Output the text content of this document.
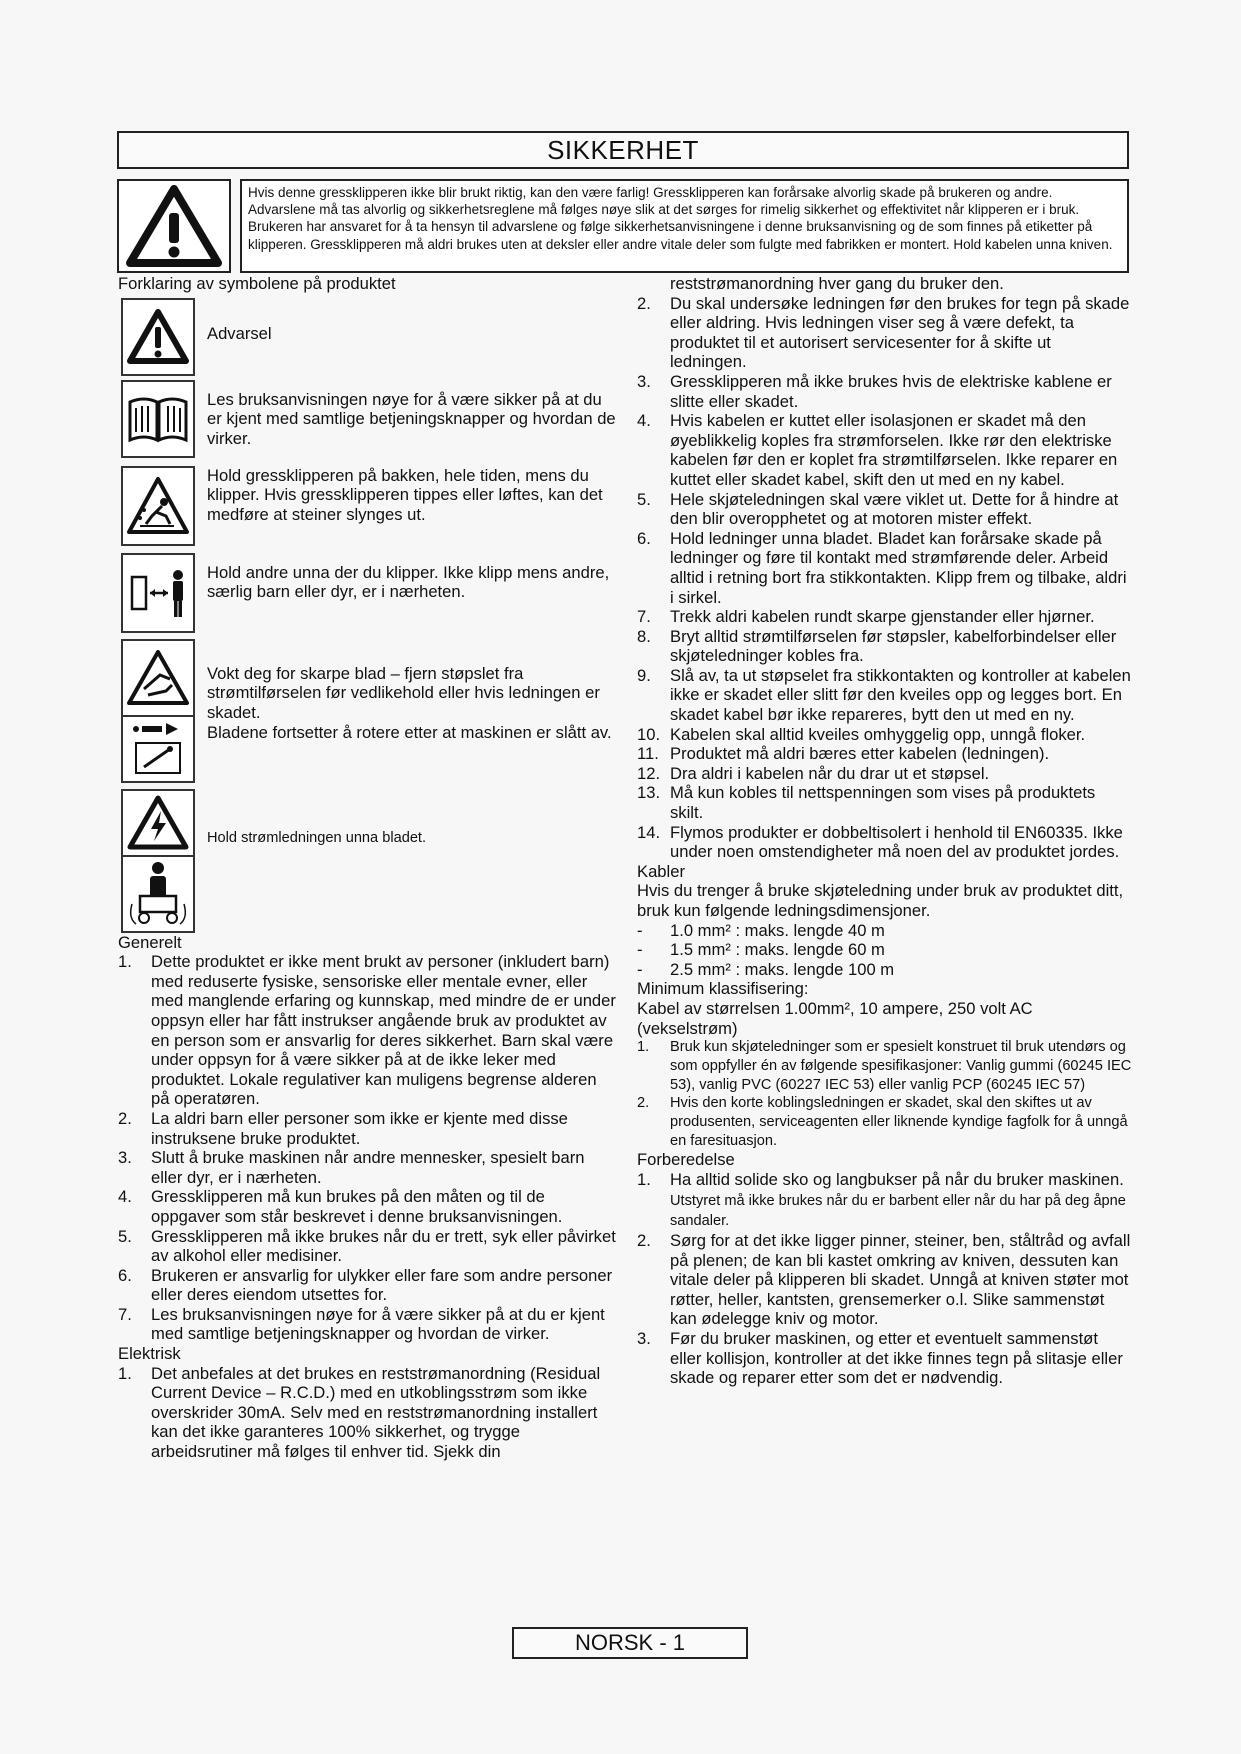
SIKKERHET
Hvis denne gressklipperen ikke blir brukt riktig, kan den være farlig! Gressklipperen kan forårsake alvorlig skade på brukeren og andre. Advarslene må tas alvorlig og sikkerhetsreglene må følges nøye slik at det sørges for rimelig sikkerhet og effektivitet når klipperen er i bruk. Brukeren har ansvaret for å ta hensyn til advarslene og følge sikkerhetsanvisningene i denne bruksanvisning og de som finnes på etiketter på klipperen. Gressklipperen må aldri brukes uten at deksler eller andre vitale deler som fulgte med fabrikken er montert. Hold kabelen unna kniven.

Forklaring av symbolene på produktet

Advarsel
Les bruksanvisningen nøye for å være sikker på at du er kjent med samtlige betjeningsknapper og hvordan de virker.
Hold gressklipperen på bakken, hele tiden, mens du klipper. Hvis gressklipperen tippes eller løftes, kan det medføre at steiner slynges ut.
Hold andre unna der du klipper. Ikke klipp mens andre, særlig barn eller dyr, er i nærheten.
Vokt deg for skarpe blad – fjern støpslet fra strømtilførselen før vedlikehold eller hvis ledningen er skadet.
Bladene fortsetter å rotere etter at maskinen er slått av.
Hold strømledningen unna bladet.

Generelt

1.	Dette produktet er ikke ment brukt av personer (inkludert barn) med reduserte fysiske, sensoriske eller mentale evner, eller med manglende erfaring og kunnskap, med mindre de er under oppsyn eller har fått instrukser angående bruk av produktet av en person som er ansvarlig for deres sikkerhet. Barn skal være under oppsyn for å være sikker på at de ikke leker med produktet. Lokale regulativer kan muligens begrense alderen på operatøren.
2. La aldri barn eller personer som ikke er kjente med disse instruksene bruke produktet.
3. Slutt å bruke maskinen når andre mennesker, spesielt barn eller dyr, er i nærheten.
4. Gressklipperen må kun brukes på den måten og til de oppgaver som står beskrevet i denne bruksanvisningen.
5. Gressklipperen må ikke brukes når du er trett, syk eller påvirket av alkohol eller medisiner.
6. Brukeren er ansvarlig for ulykker eller fare som andre personer eller deres eiendom utsettes for.
7. Les bruksanvisningen nøye for å være sikker på at du er kjent med samtlige betjeningsknapper og hvordan de virker.

Elektrisk

1. Det anbefales at det brukes en reststrømanordning (Residual Current Device – R.C.D.) med en utkoblingsstrøm som ikke overskrider 30mA. Selv med en reststrømanordning installert kan det ikke garanteres 100% sikkerhet, og trygge arbeidsrutiner må følges til enhver tid. Sjekk din

reststrømanordning hver gang du bruker den.

2. Du skal undersøke ledningen før den brukes for tegn på skade eller aldring. Hvis ledningen viser seg å være defekt, ta produktet til et autorisert servicesenter for å skifte ut ledningen.
3. Gressklipperen må ikke brukes hvis de elektriske kablene er slitte eller skadet.
4. Hvis kabelen er kuttet eller isolasjonen er skadet må den øyeblikkelig koples fra strømforselen. Ikke rør den elektriske kabelen før den er koplet fra strømtilførselen. Ikke reparer en kuttet eller skadet kabel, skift den ut med en ny kabel.
5. Hele skjøteledningen skal være viklet ut. Dette for å hindre at den blir overopphetet og at motoren mister effekt.
6. Hold ledninger unna bladet. Bladet kan forårsake skade på ledninger og føre til kontakt med strømførende deler. Arbeid alltid i retning bort fra stikkontakten. Klipp frem og tilbake, aldri i sirkel.
7. Trekk aldri kabelen rundt skarpe gjenstander eller hjørner.
8. Bryt alltid strømtilførselen før støpsler, kabelforbindelser eller skjøteledninger kobles fra.
9. Slå av, ta ut støpselet fra stikkontakten og kontroller at kabelen ikke er skadet eller slitt før den kveiles opp og legges bort. En skadet kabel bør ikke repareres, bytt den ut med en ny.
10. Kabelen skal alltid kveiles omhyggelig opp, unngå floker.
11. Produktet må aldri bæres etter kabelen (ledningen).
12. Dra aldri i kabelen når du drar ut et støpsel.
13. Må kun kobles til nettspenningen som vises på produktets skilt.
14. Flymos produkter er dobbeltisolert i henhold til EN60335. Ikke under noen omstendigheter må noen del av produktet jordes.

Kabler

Hvis du trenger å bruke skjøteledning under bruk av produktet ditt, bruk kun følgende ledningsdimensjoner.

- 1.0 mm² : maks. lengde 40 m
- 1.5 mm² : maks. lengde 60 m
- 2.5 mm² : maks. lengde 100 m

Minimum klassifisering:

Kabel av størrelsen 1.00mm², 10 ampere, 250 volt AC (vekselstrøm)

1. Bruk kun skjøteledninger som er spesielt konstruet til bruk utendørs og som oppfyller én av følgende spesifikasjoner: Vanlig gummi (60245 IEC 53), vanlig PVC (60227 IEC 53) eller vanlig PCP (60245 IEC 57)
2. Hvis den korte koblingsledningen er skadet, skal den skiftes ut av produsenten, serviceagenten eller liknende kyndige fagfolk for å unngå en faresituasjon.

Forberedelse

1. Ha alltid solide sko og langbukser på når du bruker maskinen. Utstyret må ikke brukes når du er barbent eller når du har på deg åpne sandaler.
2. Sørg for at det ikke ligger pinner, steiner, ben, ståltråd og avfall på plenen; de kan bli kastet omkring av kniven, dessuten kan vitale deler på klipperen bli skadet. Unngå at kniven støter mot røtter, heller, kantsten, grensemerker o.l. Slike sammenstøt kan ødelegge kniv og motor.
3. Før du bruker maskinen, og etter et eventuelt sammenstøt eller kollisjon, kontroller at det ikke finnes tegn på slitasje eller skade og reparer etter som det er nødvendig.
NORSK - 1
